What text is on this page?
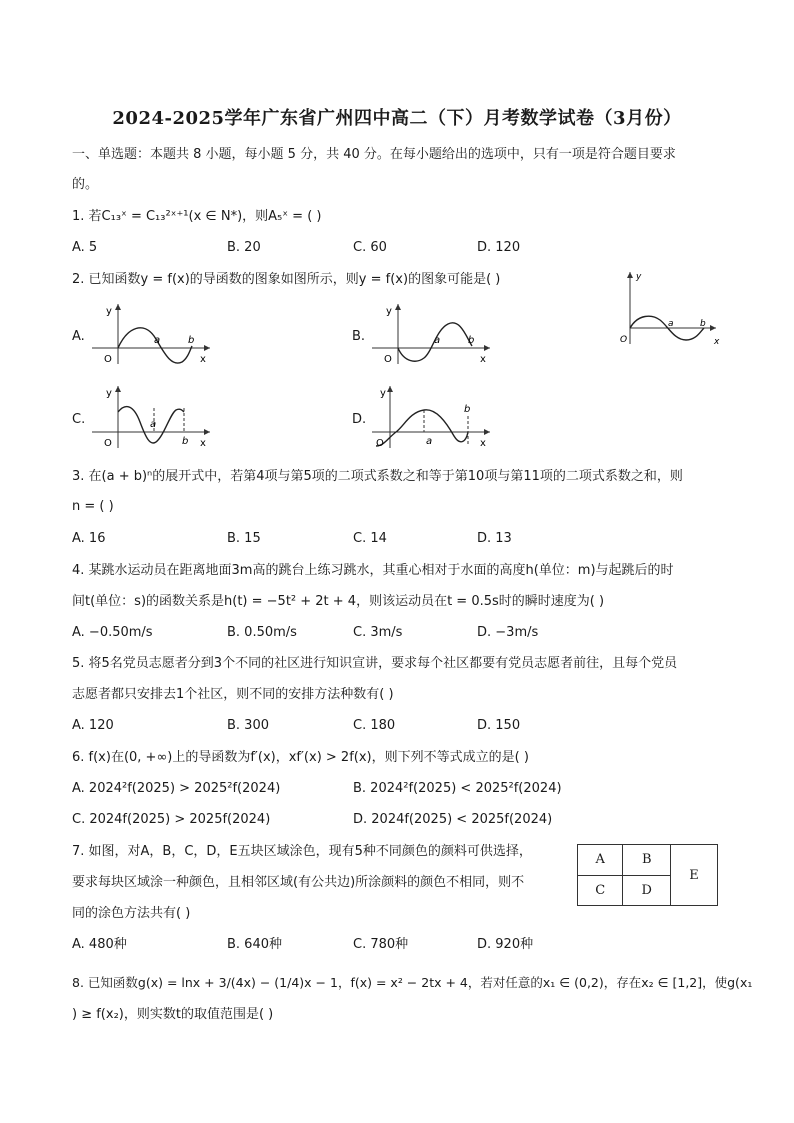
2024-2025学年广东省广州四中高二（下）月考数学试卷（3月份）
一、单选题：本题共 8 小题，每小题 5 分，共 40 分。在每小题给出的选项中，只有一项是符合题目要求
的。
1. 若C₁₃ˣ = C₁₃²ˣ⁺¹(x ∈ N*)，则A₅ˣ = ( )
A. 5	B. 20	C. 60	D. 120
2. 已知函数y = f(x)的导函数的图象如图所示，则y = f(x)的图象可能是( )	y
x
O
a	b
A.
y
x
O
a	b	B.
y
x
O
a	b
C.
y
x
O
a
b
D.
y
x
O	a
b
3. 在(a + b)ⁿ的展开式中，若第4项与第5项的二项式系数之和等于第10项与第11项的二项式系数之和，则
n = ( )
A. 16	B. 15	C. 14	D. 13
4. 某跳水运动员在距离地面3m高的跳台上练习跳水，其重心相对于水面的高度h(单位：m)与起跳后的时
间t(单位：s)的函数关系是h(t) = −5t² + 2t + 4，则该运动员在t = 0.5s时的瞬时速度为( )
A. −0.50m/s	B. 0.50m/s	C. 3m/s	D. −3m/s
5. 将5名党员志愿者分到3个不同的社区进行知识宣讲，要求每个社区都要有党员志愿者前往，且每个党员
志愿者都只安排去1个社区，则不同的安排方法种数有( )
A. 120	B. 300	C. 180	D. 150
6. f(x)在(0, +∞)上的导函数为f′(x)，xf′(x) > 2f(x)，则下列不等式成立的是( )
A. 2024²f(2025) > 2025²f(2024)	B. 2024²f(2025) < 2025²f(2024)
C. 2024f(2025) > 2025f(2024)	D. 2024f(2025) < 2025f(2024)
7. 如图，对A，B，C，D，E五块区域涂色，现有5种不同颜色的颜料可供选择，
要求每块区域涂一种颜色，且相邻区域(有公共边)所涂颜料的颜色不相同，则不
同的涂色方法共有( )
A	B	E
C	D	
A. 480种	B. 640种	C. 780种	D. 920种
8. 已知函数g(x) = lnx + 3/(4x) − (1/4)x − 1，f(x) = x² − 2tx + 4，若对任意的x₁ ∈ (0,2)，存在x₂ ∈ [1,2]，使g(x₁
) ≥ f(x₂)，则实数t的取值范围是( )
